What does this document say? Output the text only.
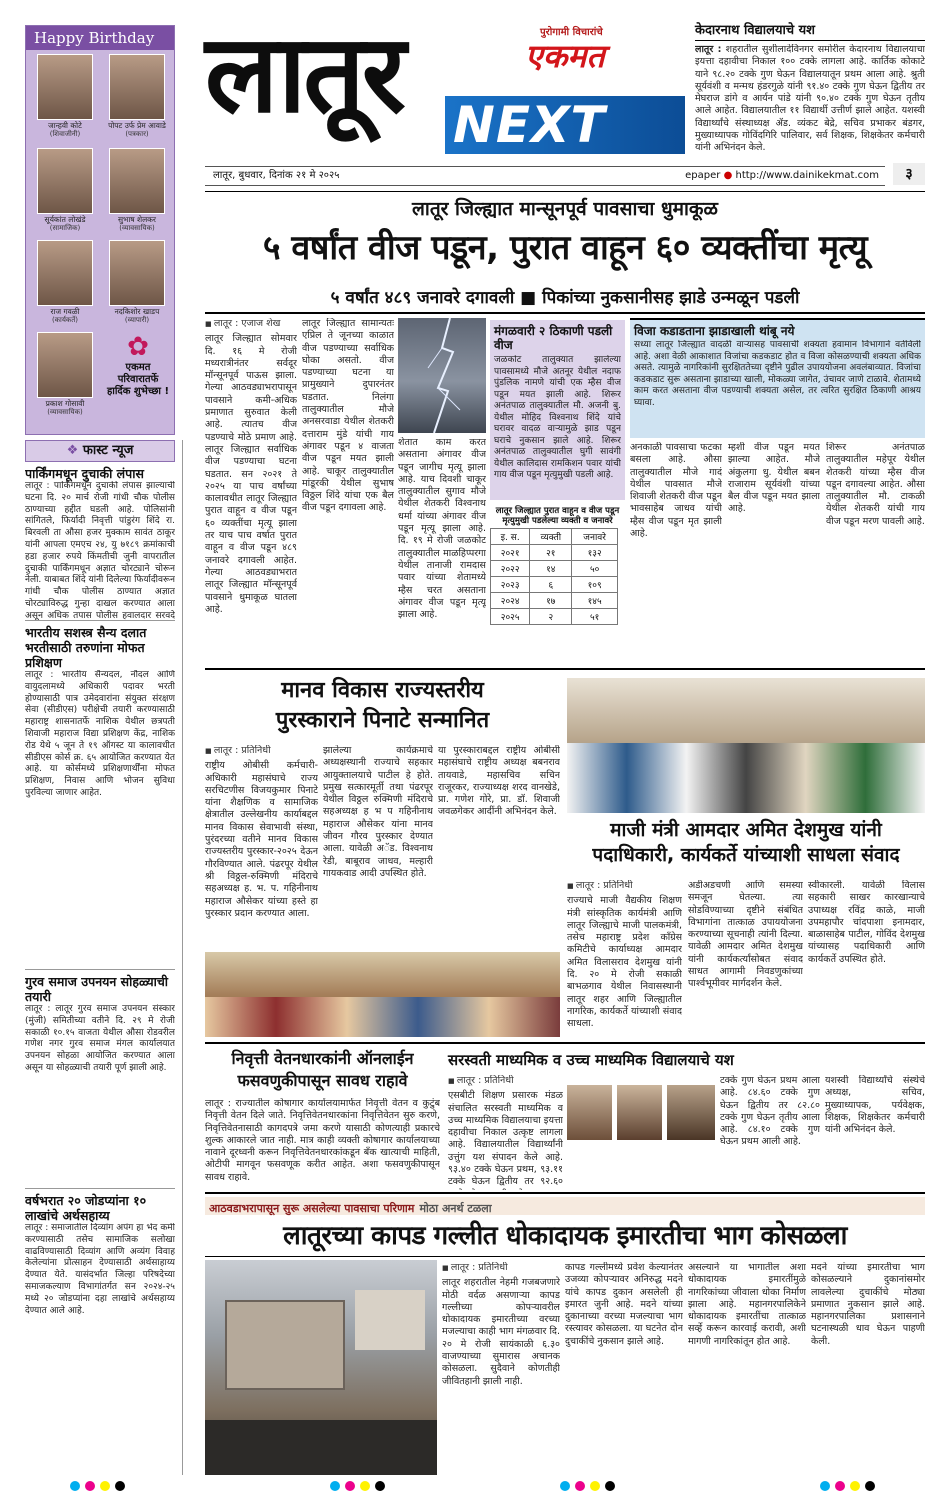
Happy Birthday
जान्हवी कोटे
(शिवाजीनी)
पोपट उर्फ प्रेम आवाडे
(पत्रकार)
सूर्यकांत लोखंडे
(सामाजिक)
सुभाष शेलकर
(व्यावसायिक)
राज गवळी
(कार्यकर्ते)
नदकिशोर खाडप
(व्यापारी)
प्रकाश गोसावी
(व्यावसायिक)
✿
एकमत
परिवारातर्फे
हार्दिक शुभेच्छा !
लातूर	पुरोगामी विचारांचे
एकमत
NEXT
लातूर, बुधवार, दिनांक २१ मे २०२५	epaper ● http://www.dainikekmat.com	३
केदारनाथ विद्यालयाचे यश
लातूर : शहरातील सुशीलादेविनगर समोरील केदारनाथ विद्यालयाचा इयत्ता दहावीचा निकाल १०० टक्के लागला आहे. कार्तिक कोकाटे याने ९८.२० टक्के गुण घेऊन विद्यालयातून प्रथम आला आहे. श्रुती सूर्यवंशी व मन्मथ हंडरगुळे यांनी ९१.४० टक्के गुण घेऊन द्वितीय तर मेघराज डांगे व आर्यन पांडे यांनी ९०.४० टक्के गुण घेऊन तृतीय आले आहेत. विद्यालयातील ११ विद्यार्थी उत्तीर्ण झाले आहेत. यशस्वी विद्यार्थ्यांचे संस्थाध्यक्ष ॲड. व्यंकट बेद्रे, सचिव प्रभाकर बंडगर, मुख्याध्यापक गोविंदगिरि पालिवार, सर्व शिक्षक, शिक्षकेतर कर्मचारी यांनी अभिनंदन केले.
लातूर जिल्ह्यात मान्सूनपूर्व पावसाचा धुमाकूळ
५ वर्षांत वीज पडून, पुरात वाहून ६० व्यक्तींचा मृत्यू
५ वर्षांत ४८९ जनावरे दगावली ■ पिकांच्या नुकसानीसह झाडे उन्मळून पडली
■ लातूर : एजाज शेख
लातूर जिल्ह्यात सोमवार दि. १६ मे रोजी मध्यरात्रीनंतर सर्वदूर मॉन्सूनपूर्व पाऊस झाला. गेल्या आठवड्याभरापासून पावसाने कमी-अधिक प्रमाणात सुरुवात केली आहे. त्यातच वीज पडण्याचे मोठे प्रमाण आहे. लातूर जिल्ह्यात सर्वाधिक वीज पडण्याचा घटना घडतात. सन २०२१ ते २०२५ या पाच वर्षांच्या कालावधीत लातूर जिल्ह्यात पुरात वाहून व वीज पडून ६० व्यक्तींचा मृत्यू झाला तर याच पाच वर्षात पुरात वाहून व वीज पडून ४८९ जनावरे दगावली आहेत. गेल्या आठवड्याभरात लातूर जिल्ह्यात मॉन्सूनपूर्व पावसाने धुमाकूळ घातला आहे.
लातूर जिल्ह्यात सामान्यतः एप्रिल ते जूनच्या काळात वीज पडण्याच्या सर्वाधिक घोका असतो. वीज पडण्याच्या घटना या प्रामुख्याने दुपारनंतर घडतात. निलंगा तालुक्यातील मौजे अनसरवाडा येथील शेतकरी दत्ताराम मुंडे यांची गाय अंगावर पडून ४ वाजता वीज पडून मयत झाली आहे. चाकूर तालुक्यातील मांडूरकी येथील सुभाष विठ्ठल शिंदे यांचा एक बैल वीज पडून दगावला आहे.
शेतात काम करत असताना अंगावर वीज पडून जागीच मृत्यू झाला आहे. याच दिवशी चाकूर तालुक्यातील सुगाव मौजे येथील शेतकरी विश्वनाथ धर्मा यांच्या अंगावर वीज पडून मृत्यू झाला आहे. दि. १९ मे रोजी जळकोट तालुक्यातील माळहिप्परगा येथील तानाजी रामदास पवार यांच्या शेतामध्ये म्हैस चरत असताना अंगावर वीज पडून मृत्यू झाला आहे.
मंगळवारी २ ठिकाणी पडली वीज
जळकोट तालुक्यात झालेल्या पावसामध्ये मौजे अतनूर येथील नदाफ पुंडलिक नामणे यांची एक म्हैस वीज पडून मयत झाली आहे. शिरूर अनंतपाळ तालुक्यातील मौ. अजनी बु. येथील मोहिद विश्वनाथ शिंदे यांचे घरावर वादळ वाऱ्यामुळे झाड पडून घराचे नुकसान झाले आहे. शिरूर अनंतपाळ तालुक्यातील घुगी सावंगी येथील कालिदास रामकिशन पवार यांची गाय वीज पडून मृत्युमुखी पडली आहे.
लातूर जिल्ह्यात पुरात वाहून व वीज पडून मृत्युमुखी पडलेल्या व्यक्ती व जनावरे
इ. स.	व्यक्ती	जनावरे
२०२१	२१	१३२
२०२२	१४	५०
२०२३	६	१०९
२०२४	१७	१४५
२०२५	२	५१
विजा कडाडताना झाडाखाली थांबू नये
सध्या लातूर जिल्ह्यात वादळी वाऱ्यासह पावसाची शक्यता हवामान विभागाने वर्तविली आहे. अशा वेळी आकाशात विजांचा कडकडाट होत व विजा कोसळण्याची शक्यता अधिक असते. त्यामुळे नागरिकांनी सुरक्षिततेच्या दृष्टीने पुढील उपाययोजना अवलंबाव्यात. विजांचा कडकडाट सुरू असताना झाडाच्या खाली, मोकळ्या जागेत, उंचावर जाणे टाळावे. शेतामध्ये काम करत असताना वीज पडण्याची शक्यता असेल, तर त्वरित सुरक्षित ठिकाणी आश्रय घ्यावा.
अनकाळी पावसाचा फटका बसला आहे. औसा तालुक्यातील मौजे गादं येथील पावसात मौजे शिवाजी शेतकरी वीज पडून भावसाहेब जाधव यांची म्हैस वीज पडून मृत झाली आहे.
म्हशी वीज पडून मयत झाल्या आहेत. मौजे अंकुलगा धु. येथील बबन राजाराम सूर्यवंशी यांच्या बैल वीज पडून मयत झाला आहे.
शिरूर अनंतपाळ तालुक्यातील महेपूर येथील शेतकरी यांच्या म्हैस वीज पडून दगावल्या आहेत. औसा तालुक्यातील मौ. टाकळी येथील शेतकरी यांची गाय वीज पडून मरण पावली आहे.
❖ फास्ट न्यूज
पार्किंगमधून दुचाकी लंपास
लातूर : पार्किंगमधून दुचाकी लंपास झाल्याची घटना दि. २० मार्च रोजी गांधी चौक पोलीस ठाण्याच्या हद्दीत घडली आहे. पोलिसांनी सांगितले, फिर्यादी निवृत्ती पांडुरंग शिंदे रा. बिरवली ता औसा हजर मुक्काम सावंत ठाकूर यांनी आपला एमएच २४, यु ७१८९ क्रमांकाची हडा हजार रुपये किंमतीची जुनी वापरातील दुचाकी पार्किंगमधून अज्ञात चोरट्याने चोरून नेली. याबाबत शिंदे यांनी दिलेल्या फिर्यादीवरून गांधी चौक पोलीस ठाण्यात अज्ञात चोरट्याविरुद्ध गुन्हा दाखल करण्यात आला असून अधिक तपास पोलीस हवालदार सरवदे
भारतीय सशस्त्र सैन्य दलात भरतीसाठी तरुणांना मोफत प्रशिक्षण
लातूर : भारतीय सैन्यदल, नौदल आणि वायुदलामध्ये अधिकारी पदावर भरती होण्यासाठी पात्र उमेदवारांना संयुक्त संरक्षण सेवा (सीडीएस) परीक्षेची तयारी करण्यासाठी महाराष्ट्र शासनातर्फे नाशिक येथील छत्रपती शिवाजी महाराज विद्या प्रशिक्षण केंद्र, नाशिक रोड येथे ५ जून ते १९ ऑगस्ट या कालावधीत सीडीएस कोर्स क्र. ६५ आयोजित करण्यात येत आहे. या कोर्समध्ये प्रशिक्षणार्थींना मोफत प्रशिक्षण, निवास आणि भोजन सुविधा पुरविल्या जाणार आहेत.
गुरव समाज उपनयन सोहळ्याची तयारी
लातूर : लातूर गुरव समाज उपनयन संस्कार (मुंजी) समितीच्या वतीने दि. २९ मे रोजी सकाळी १०.१५ वाजता येथील औसा रोडवरील गणेश नगर गुरव समाज मंगल कार्यालयात उपनयन सोहळा आयोजित करण्यात आला असून या सोहळ्याची तयारी पूर्ण झाली आहे.
वर्षभरात २० जोडप्यांना १० लाखांचे अर्थसहाय्य
लातूर : समाजातील दिव्यांग अपंग हा भेद कमी करण्यासाठी तसेच सामाजिक सलोखा वाढविण्यासाठी दिव्यांग आणि अव्यंग विवाह केलेल्यांना प्रोत्साहन देण्यासाठी अर्थसाहाय्य देण्यात येते. यासंदर्भात जिल्हा परिषदेच्या समाजकल्याण विभागांतर्गत सन २०२४-२५ मध्ये २० जोडप्यांना दहा लाखांचे अर्थसहाय्य देण्यात आले आहे.
मानव विकास राज्यस्तरीय
पुरस्काराने पिनाटे सन्मानित
■ लातूर : प्रतिनिधी
राष्ट्रीय ओबीसी कर्मचारी-अधिकारी महासंघाचे राज्य सरचिटणीस विजयकुमार पिनाटे यांना शैक्षणिक व सामाजिक क्षेत्रातील उल्लेखनीय कार्याबद्दल मानव विकास सेवाभावी संस्था, पुरंदरच्या वतीने मानव विकास राज्यस्तरीय पुरस्कार-२०२५ देऊन गौरविण्यात आले. पंढरपूर येथील श्री विठ्ठल-रुक्मिणी मंदिराचे सहअध्यक्ष ह. भ. प. गहिनीनाथ महाराज औसेकर यांच्या हस्ते हा पुरस्कार प्रदान करण्यात आला.
झालेल्या कार्यक्रमाचे अध्यक्षस्थानी राज्याचे सहकार आयुक्तालयाचे पाटील हे होते. प्रमुख सत्कारमूर्ती तथा पंढरपूर येथील विठ्ठल रुक्मिणी मंदिराचे सहअध्यक्ष ह भ प गहिनीनाथ महाराज औसेकर यांना मानव जीवन गौरव पुरस्कार देण्यात आला. यावेळी अॅड. विश्वनाथ रेडी, बाबूराव जाधव, मल्हारी गायकवाड आदी उपस्थित होते.
या पुरस्काराबद्दल राष्ट्रीय ओबीसी महासंघाचे राष्ट्रीय अध्यक्ष बबनराव तायवाडे, महासचिव सचिन राजूरकर, राज्याध्यक्ष शरद वानखेडे, प्रा. गणेश गोरे, प्रा. डॉ. शिवाजी जवळगेकर आदींनी अभिनंदन केले.
माजी मंत्री आमदार अमित देशमुख यांनी
पदाधिकारी, कार्यकर्ते यांच्याशी साधला संवाद
■ लातूर : प्रतिनिधी
राज्याचे माजी वैद्यकीय शिक्षण मंत्री सांस्कृतिक कार्यमंत्री आणि लातूर जिल्ह्याचे माजी पालकमंत्री, तसेच महाराष्ट्र प्रदेश काँग्रेस कमिटीचे कार्याध्यक्ष आमदार अमित विलासराव देशमुख यांनी दि. २० मे रोजी सकाळी बाभळगाव येथील निवासस्थानी लातूर शहर आणि जिल्ह्यातील नागरिक, कार्यकर्ते यांच्याशी संवाद साधला.
अडीअडचणी आणि समस्या समजून घेतल्या. त्या सोडविण्याच्या दृष्टीने संबंधित विभागांना तात्काळ उपाययोजना करण्याच्या सूचनाही त्यांनी दिल्या. यावेळी आमदार अमित देशमुख यांनी कार्यकर्त्यांसोबत संवाद साधत आगामी निवडणुकांच्या पार्श्वभूमीवर मार्गदर्शन केले.
स्वीकारली. यावेळी विलास सहकारी साखर कारखान्याचे उपाध्यक्ष रविंद्र काळे, माजी उपमहापौर चांदपाशा इनामदार, बाळासाहेब पाटील, गोविंद देशमुख यांच्यासह पदाधिकारी आणि कार्यकर्ते उपस्थित होते.
निवृत्ती वेतनधारकांनी ऑनलाईन
फसवणुकीपासून सावध राहावे
लातूर : राज्यातील कोषागार कार्यालयामार्फत निवृत्ती वेतन व कुटुंब निवृत्ती वेतन दिले जाते. निवृत्तिवेतनधारकांना निवृत्तिवेतन सुरु करणे, निवृत्तिवेतनासाठी कागदपत्रे जमा करणे यासाठी कोणत्याही प्रकारचे शुल्क आकारले जात नाही. मात्र काही व्यक्ती कोषागार कार्यालयाच्या नावाने दूरध्वनी करून निवृत्तिवेतनधारकांकडून बँक खात्याची माहिती, ओटीपी मागवून फसवणूक करीत आहेत. अशा फसवणुकीपासून सावध राहावे.
सरस्वती माध्यमिक व उच्च माध्यमिक विद्यालयाचे यश
■ लातूर : प्रतिनिधी
एसबीटी शिक्षण प्रसारक मंडळ संचालित सरस्वती माध्यमिक व उच्च माध्यमिक विद्यालयाचा इयत्ता दहावीचा निकाल उत्कृष्ट लागला आहे. विद्यालयातील विद्यार्थ्यांनी उत्तुंग यश संपादन केले आहे. ९३.४० टक्के घेऊन प्रथम, ९३.११ टक्के घेऊन द्वितीय तर ९२.६०
टक्के गुण घेऊन प्रथम आला आहे. ८४.६० टक्के गुण घेऊन द्वितीय तर ८२.८० टक्के गुण घेऊन तृतीय आला आहे. ८४.१० टक्के गुण घेऊन प्रथम आली आहे.
यशस्वी विद्यार्थ्यांचे संस्थेचे अध्यक्ष, सचिव, मुख्याध्यापक, पर्यवेक्षक, शिक्षक, शिक्षकेतर कर्मचारी यांनी अभिनंदन केले.
आठवडाभरापासून सुरू असलेल्या पावसाचा परिणाम मोठा अनर्थ टळला
लातूरच्या कापड गल्लीत धोकादायक इमारतीचा भाग कोसळला
■ लातूर : प्रतिनिधी
लातूर शहरातील नेहमी गजबजणारे मोठी वर्दळ असणाऱ्या कापड गल्लीच्या कोपऱ्यावरील धोकादायक इमारतीच्या वरच्या मजल्याचा काही भाग मंगळवार दि. २० मे रोजी सायंकाळी ६.३० वाजण्याच्या सुमारास अचानक कोसळला. सुदैवाने कोणतीही जीवितहानी झाली नाही.
कापड गल्लीमध्ये प्रवेश केल्यानंतर उजव्या कोपऱ्यावर अनिरुद्ध मदने यांचे कापड दुकान असलेली ही इमारत जुनी आहे. मदने यांच्या दुकानाच्या वरच्या मजल्याचा भाग रस्त्यावर कोसळला. या घटनेत दोन दुचाकींचे नुकसान झाले आहे.
असल्याने या भागातील अशा धोकादायक इमारतींमुळे नागरिकांच्या जीवाला धोका निर्माण झाला आहे. महानगरपालिकेने धोकादायक इमारतींचा तात्काळ सर्व्हे करून कारवाई करावी, अशी मागणी नागरिकांतून होत आहे.
मदने यांच्या इमारतीचा भाग कोसळल्याने दुकानांसमोर लावलेल्या दुचाकींचे मोठ्या प्रमाणात नुकसान झाले आहे. महानगरपालिका प्रशासनाने घटनास्थळी धाव घेऊन पाहणी केली.
